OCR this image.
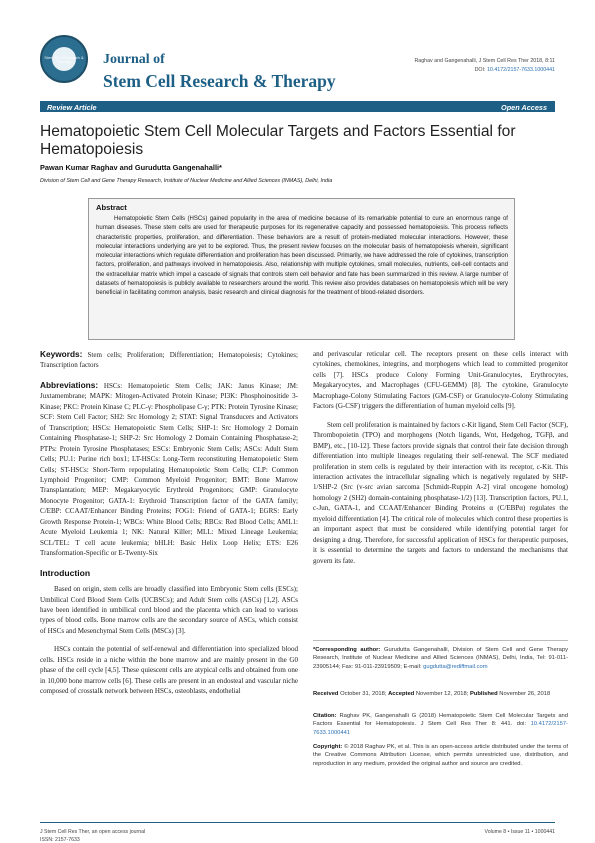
Stem Cell Research & Therapy	Journal of
Stem Cell Research & Therapy
Raghav and Gangenahalli, J Stem Cell Res Ther 2018, 8:11
DOI: 10.4172/2157-7633.1000441
Review Article	Open Access
Hematopoietic Stem Cell Molecular Targets and Factors Essential for Hematopoiesis
Pawan Kumar Raghav and Gurudutta Gangenahalli*
Division of Stem Cell and Gene Therapy Research, Institute of Nuclear Medicine and Allied Sciences (INMAS), Delhi, India
Abstract
Hematopoietic Stem Cells (HSCs) gained popularity in the area of medicine because of its remarkable potential to cure an enormous range of human diseases. These stem cells are used for therapeutic purposes for its regenerative capacity and possessed hematopoiesis. This process reflects characteristic properties, proliferation, and differentiation. These behaviors are a result of protein-mediated molecular interactions. However, these molecular interactions underlying are yet to be explored. Thus, the present review focuses on the molecular basis of hematopoiesis wherein, significant molecular interactions which regulate differentiation and proliferation has been discussed. Primarily, we have addressed the role of cytokines, transcription factors, proliferation, and pathways involved in hematopoiesis. Also, relationship with multiple cytokines, small molecules, nutrients, cell-cell contacts and the extracellular matrix which impel a cascade of signals that controls stem cell behavior and fate has been summarized in this review. A large number of datasets of hematopoiesis is publicly available to researchers around the world. This review also provides databases on hematopoiesis which will be very beneficial in facilitating common analysis, basic research and clinical diagnosis for the treatment of blood-related disorders.

Keywords: Stem cells; Proliferation; Differentiation; Hematopoiesis; Cytokines; Transcription factors

Abbreviations: HSCs: Hematopoietic Stem Cells; JAK: Janus Kinase; JM: Juxtamembrane; MAPK: Mitogen-Activated Protein Kinase; PI3K: Phosphoinositide 3-Kinase; PKC: Protein Kinase C; PLC-γ: Phospholipase C-γ; PTK: Protein Tyrosine Kinase; SCF: Stem Cell Factor; SH2: Src Homology 2; STAT: Signal Transducers and Activators of Transcription; HSCs: Hematopoietic Stem Cells; SHP-1: Src Homology 2 Domain Containing Phosphatase-1; SHP-2: Src Homology 2 Domain Containing Phosphatase-2; PTPs: Protein Tyrosine Phosphatases; ESCs: Embryonic Stem Cells; ASCs: Adult Stem Cells; PU.1: Purine rich box1; LT-HSCs: Long-Term reconstituting Hematopoietic Stem Cells; ST-HSCs: Short-Term repopulating Hematopoietic Stem Cells; CLP: Common Lymphoid Progenitor; CMP: Common Myeloid Progenitor; BMT: Bone Marrow Transplantation; MEP: Megakaryocytic Erythroid Progenitors; GMP: Granulocyte Monocyte Progenitor; GATA-1: Erythroid Transcription factor of the GATA family; C/EBP: CCAAT/Enhancer Binding Proteins; FOG1: Friend of GATA-1; EGRS: Early Growth Response Protein-1; WBCs: White Blood Cells; RBCs: Red Blood Cells; AML1: Acute Myeloid Leukemia 1; NK: Natural Killer; MLL: Mixed Lineage Leukemia; SCL/TEL: T cell acute leukemia; bHLH: Basic Helix Loop Helix; ETS: E26 Transformation-Specific or E-Twenty-Six

Introduction

Based on origin, stem cells are broadly classified into Embryonic Stem cells (ESCs); Umbilical Cord Blood Stem Cells (UCBSCs); and Adult Stem cells (ASCs) [1,2]. ASCs have been identified in umbilical cord blood and the placenta which can lead to various types of blood cells. Bone marrow cells are the secondary source of ASCs, which consist of HSCs and Mesenchymal Stem Cells (MSCs) [3].

HSCs contain the potential of self-renewal and differentiation into specialized blood cells. HSCs reside in a niche within the bone marrow and are mainly present in the G0 phase of the cell cycle [4,5]. These quiescent cells are atypical cells and obtained from one in 10,000 bone marrow cells [6]. These cells are present in an endosteal and vascular niche composed of crosstalk network between HSCs, osteoblasts, endothelial

and perivascular reticular cell. The receptors present on these cells interact with cytokines, chemokines, integrins, and morphogens which lead to committed progenitor cells [7]. HSCs produce Colony Forming Unit-Granulocytes, Erythrocytes, Megakaryocytes, and Macrophages (CFU-GEMM) [8]. The cytokine, Granulocyte Macrophage-Colony Stimulating Factors (GM-CSF) or Granulocyte-Colony Stimulating Factors (G-CSF) triggers the differentiation of human myeloid cells [9].

Stem cell proliferation is maintained by factors c-Kit ligand, Stem Cell Factor (SCF), Thrombopoietin (TPO) and morphogens (Notch ligands, Wnt, Hedgehog, TGFβ, and BMP), etc., [10-12]. These factors provide signals that control their fate decision through differentiation into multiple lineages regulating their self-renewal. The SCF mediated proliferation in stem cells is regulated by their interaction with its receptor, c-Kit. This interaction activates the intracellular signaling which is negatively regulated by SHP-1/SHP-2 (Src (v-src avian sarcoma [Schmidt-Ruppin A-2] viral oncogene homolog) homology 2 (SH2) domain-containing phosphatase-1/2) [13]. Transcription factors, PU.1, c-Jun, GATA-1, and CCAAT/Enhancer Binding Proteins α (C/EBPα) regulates the myeloid differentiation [4]. The critical role of molecules which control these properties is an important aspect that must be considered while identifying potential target for designing a drug. Therefore, for successful application of HSCs for therapeutic purposes, it is essential to determine the targets and factors to understand the mechanisms that govern its fate.

*Corresponding author: Gurudutta Gangenahalli, Division of Stem Cell and Gene Therapy Research, Institute of Nuclear Medicine and Allied Sciences (INMAS), Delhi, India, Tel: 91-011-23905144; Fax: 91-011-23919509; E-mail: gugdutta@rediffmail.com
Received October 31, 2018; Accepted November 12, 2018; Published November 26, 2018
Citation: Raghav PK, Gangenahalli G (2018) Hematopoietic Stem Cell Molecular Targets and Factors Essential for Hematopoiesis. J Stem Cell Res Ther 8: 441. doi: 10.4172/2157-7633.1000441
Copyright: © 2018 Raghav PK, et al. This is an open-access article distributed under the terms of the Creative Commons Attribution License, which permits unrestricted use, distribution, and reproduction in any medium, provided the original author and source are credited.
J Stem Cell Res Ther, an open access journal
ISSN: 2157-7633
Volume 8 • Issue 11 • 1000441
